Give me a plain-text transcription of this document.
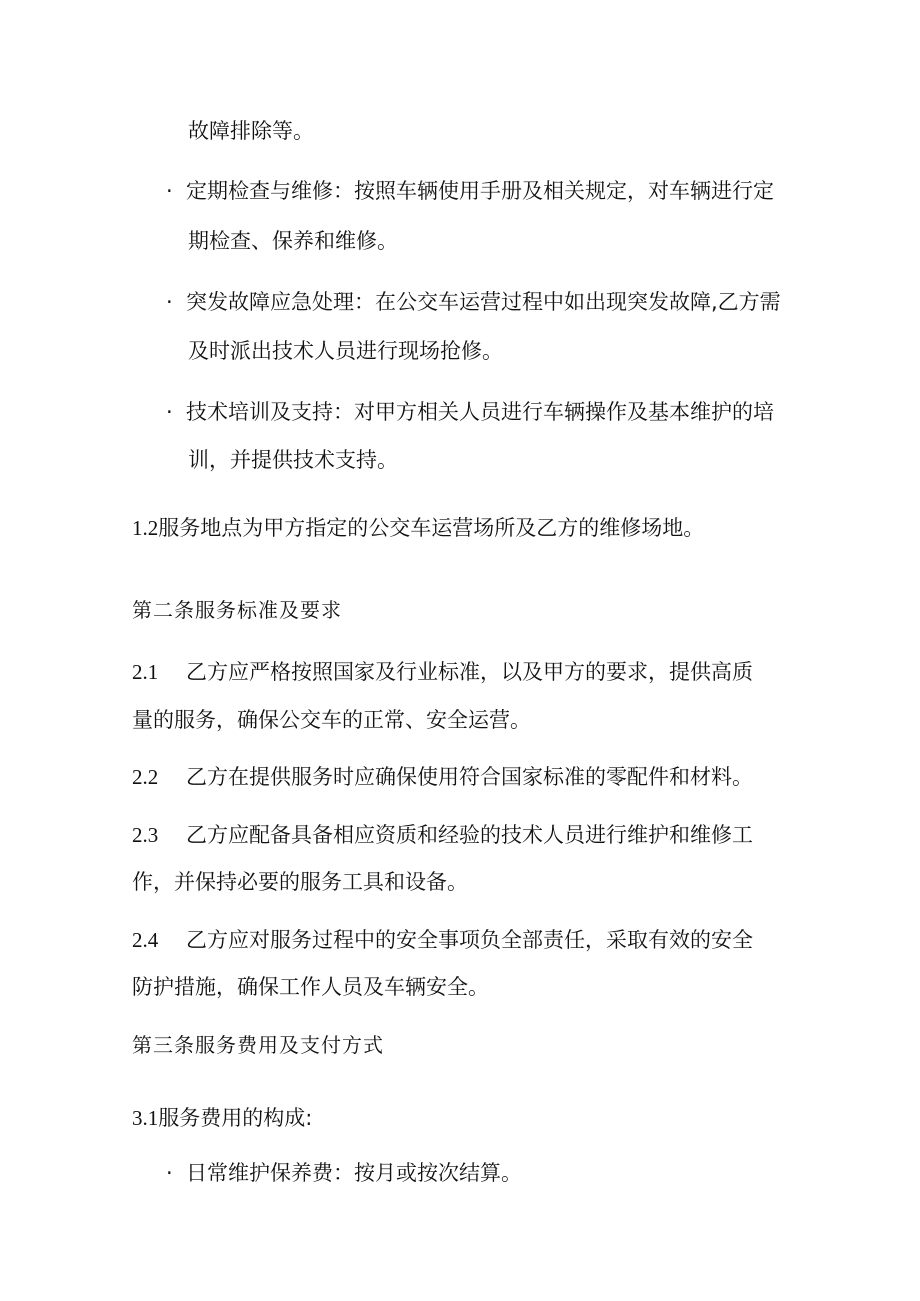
故障排除等。
· 定期检查与维修：按照车辆使用手册及相关规定，对车辆进行定
期检查、保养和维修。
· 突发故障应急处理：在公交车运营过程中如出现突发故障,乙方需
及时派出技术人员进行现场抢修。
· 技术培训及支持：对甲方相关人员进行车辆操作及基本维护的培
训，并提供技术支持。
1.2服务地点为甲方指定的公交车运营场所及乙方的维修场地。
第二条服务标准及要求
2.1 乙方应严格按照国家及行业标准，以及甲方的要求，提供高质
量的服务，确保公交车的正常、安全运营。
2.2 乙方在提供服务时应确保使用符合国家标准的零配件和材料。
2.3 乙方应配备具备相应资质和经验的技术人员进行维护和维修工
作，并保持必要的服务工具和设备。
2.4 乙方应对服务过程中的安全事项负全部责任，采取有效的安全
防护措施，确保工作人员及车辆安全。
第三条服务费用及支付方式
3.1服务费用的构成:
· 日常维护保养费：按月或按次结算。
